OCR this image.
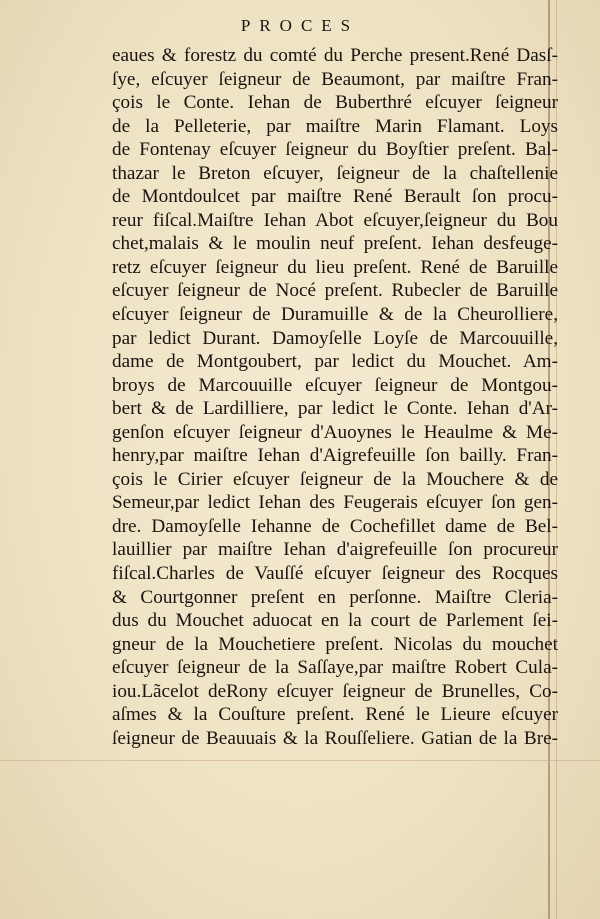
PROCES
eaues & forestz du comté du Perche present.René Dasſ-
ſye, eſcuyer ſeigneur de Beaumont, par maiſtre Fran-
çois le Conte. Iehan de Buberthré eſcuyer ſeigneur
de la Pelleterie, par maiſtre Marin Flamant. Loys
de Fontenay eſcuyer ſeigneur du Boyſtier preſent. Bal-
thazar le Breton eſcuyer, ſeigneur de la chaſtellenie
de Montdoulcet par maiſtre René Berault ſon procu-
reur fiſcal.Maiſtre Iehan Abot eſcuyer,ſeigneur du Bou
chet,malais & le moulin neuf preſent. Iehan desfeuge-
retz eſcuyer ſeigneur du lieu preſent. René de Baruille
eſcuyer ſeigneur de Nocé preſent. Rubecler de Baruille
eſcuyer ſeigneur de Duramuille & de la Cheurolliere,
par ledict Durant. Damoyſelle Loyſe de Marcouuille,
dame de Montgoubert, par ledict du Mouchet. Am-
broys de Marcouuille eſcuyer ſeigneur de Montgou-
bert & de Lardilliere, par ledict le Conte. Iehan d'Ar-
genſon eſcuyer ſeigneur d'Auoynes le Heaulme & Me-
henry,par maiſtre Iehan d'Aigrefeuille ſon bailly. Fran-
çois le Cirier eſcuyer ſeigneur de la Mouchere & de
Semeur,par ledict Iehan des Feugerais eſcuyer ſon gen-
dre. Damoyſelle Iehanne de Cochefillet dame de Bel-
lauillier par maiſtre Iehan d'aigrefeuille ſon procureur
fiſcal.Charles de Vauſſé eſcuyer ſeigneur des Rocques
& Courtgonner preſent en perſonne. Maiſtre Cleria-
dus du Mouchet aduocat en la court de Parlement ſei-
gneur de la Mouchetiere preſent. Nicolas du mouchet
eſcuyer ſeigneur de la Saſſaye,par maiſtre Robert Cula-
iou.Lãcelot deRony eſcuyer ſeigneur de Brunelles, Co-
aſmes & la Couſture preſent. René le Lieure eſcuyer
ſeigneur de Beauuais & la Rouſſeliere. Gatian de la Bre-
